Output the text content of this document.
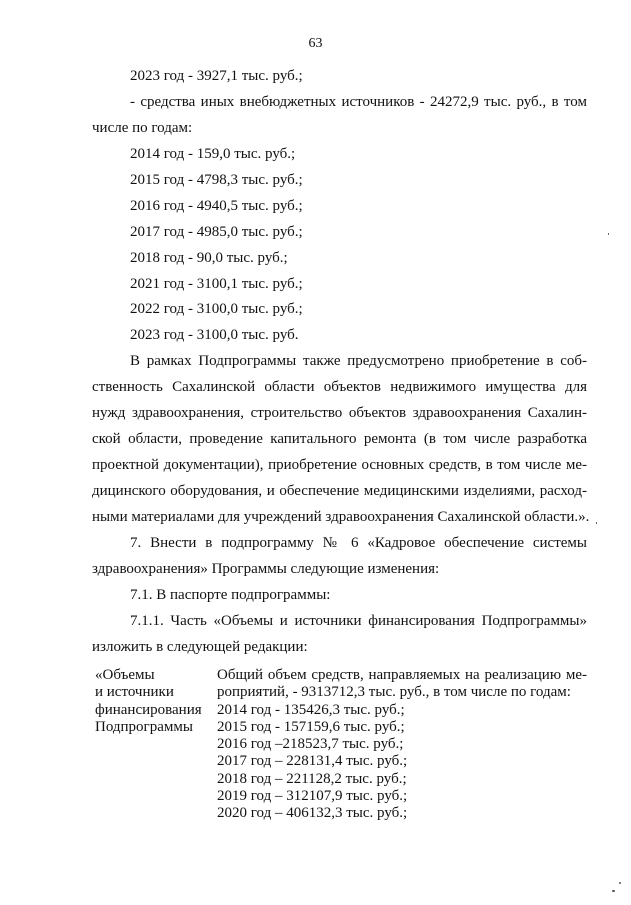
63
2023 год - 3927,1 тыс. руб.;
- средства иных внебюджетных источников - 24272,9 тыс. руб., в том
числе по годам:
2014 год - 159,0 тыс. руб.;
2015 год - 4798,3 тыс. руб.;
2016 год - 4940,5 тыс. руб.;
2017 год - 4985,0 тыс. руб.;
2018 год - 90,0 тыс. руб.;
2021 год - 3100,1 тыс. руб.;
2022 год - 3100,0 тыс. руб.;
2023 год - 3100,0 тыс. руб.
В рамках Подпрограммы также предусмотрено приобретение в соб-
ственность Сахалинской области объектов недвижимого имущества для
нужд здравоохранения, строительство объектов здравоохранения Сахалин-
ской области, проведение капитального ремонта (в том числе разработка
проектной документации), приобретение основных средств, в том числе ме-
дицинского оборудования, и обеспечение медицинскими изделиями, расход-
ными материалами для учреждений здравоохранения Сахалинской области.».
7. Внести в подпрограмму № 6 «Кадровое обеспечение системы
здравоохранения» Программы следующие изменения:
7.1. В паспорте подпрограммы:
7.1.1. Часть «Объемы и источники финансирования Подпрограммы»
изложить в следующей редакции:
«Объемы
и источники
финансирования
Подпрограммы
Общий объем средств, направляемых на реализацию ме-
роприятий, - 9313712,3 тыс. руб., в том числе по годам:
2014 год - 135426,3 тыс. руб.;
2015 год - 157159,6 тыс. руб.;
2016 год –218523,7 тыс. руб.;
2017 год – 228131,4 тыс. руб.;
2018 год – 221128,2 тыс. руб.;
2019 год – 312107,9 тыс. руб.;
2020 год – 406132,3 тыс. руб.;
